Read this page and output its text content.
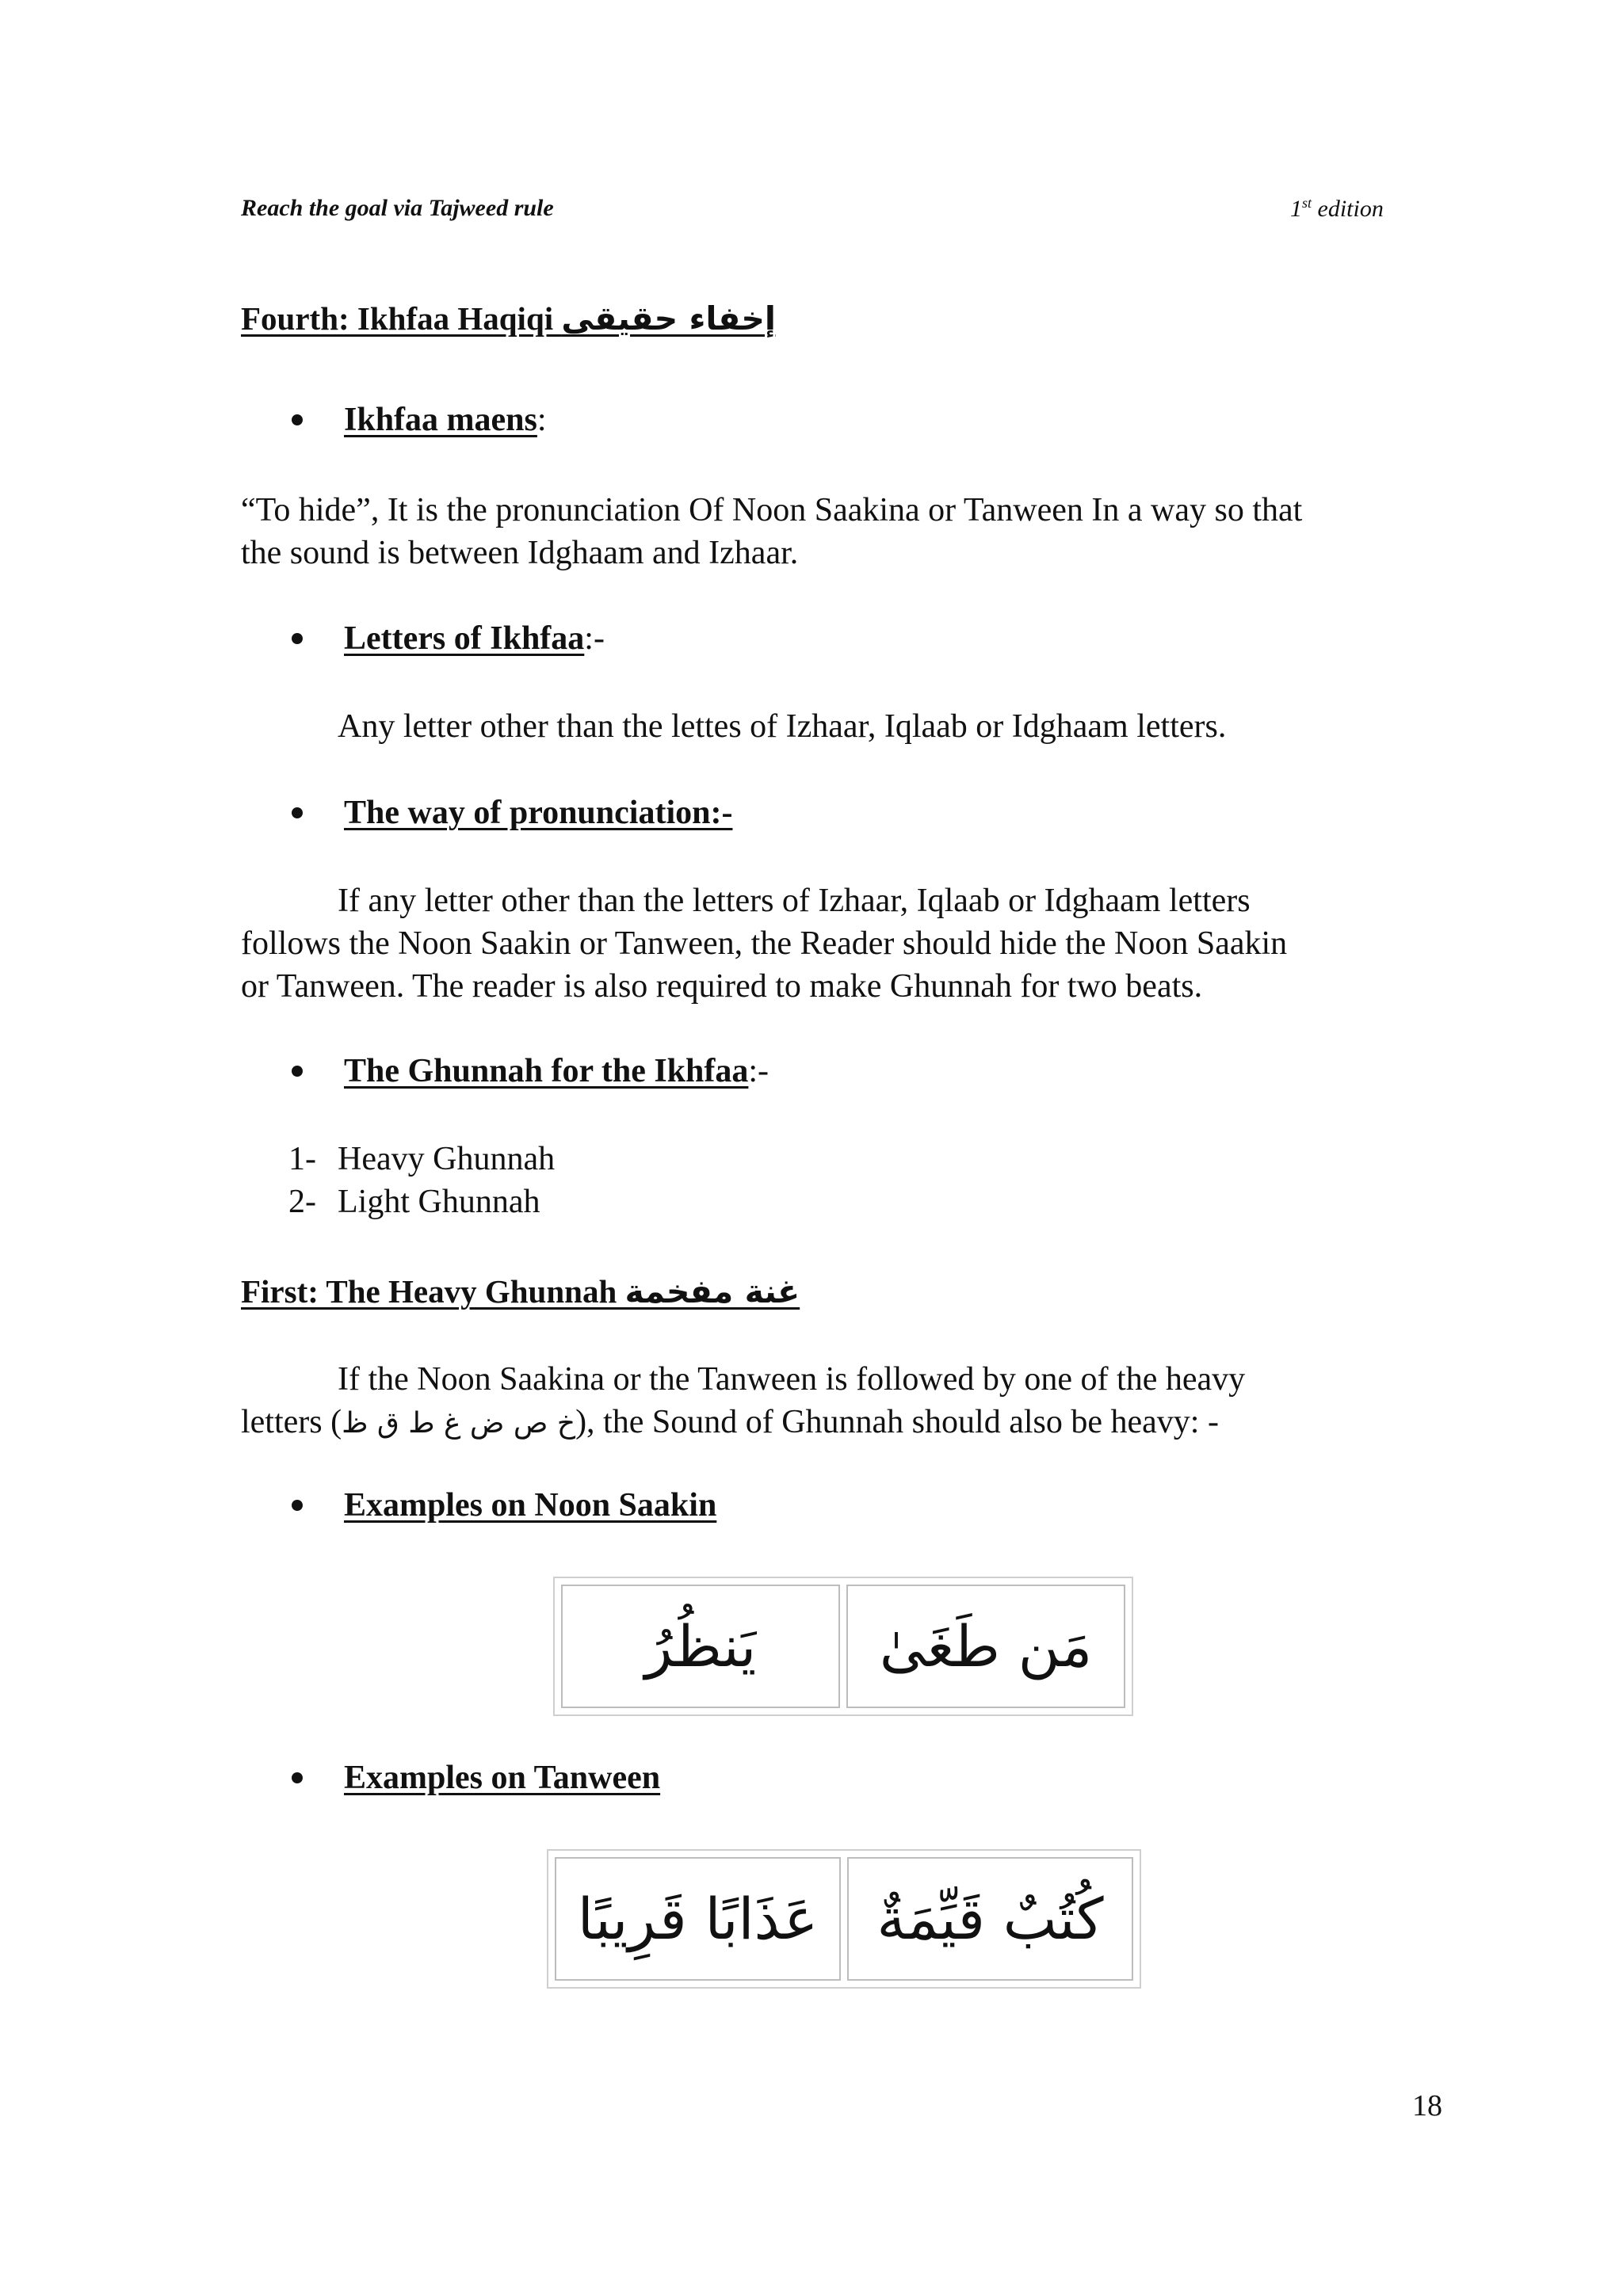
Reach the goal via Tajweed rule	1st edition
Fourth: Ikhfaa Haqiqi إخفاء حقيقى
Ikhfaa maens :
“To hide”, It is the pronunciation Of Noon Saakina or Tanween In a way so that
the sound is between Idghaam and Izhaar.
Letters of Ikhfaa :-
Any letter other than the lettes of Izhaar, Iqlaab or Idghaam letters.
The way of pronunciation:-
If any letter other than the letters of Izhaar, Iqlaab or Idghaam letters
follows the Noon Saakin or Tanween, the Reader should hide the Noon Saakin
or Tanween. The reader is also required to make Ghunnah for two beats.
The Ghunnah for the Ikhfaa :-
1- Heavy Ghunnah
2- Light Ghunnah
First: The Heavy Ghunnah غنة مفخمة
If the Noon Saakina or the Tanween is followed by one of the heavy
letters (خ ص ض غ ط ق ظ), the Sound of Ghunnah should also be heavy: -
Examples on Noon Saakin
يَنظُرُ	مَن طَغَىٰ
Examples on Tanween
عَذَابًا قَرِيبًا	كُتُبٌ قَيِّمَةٌ
18
